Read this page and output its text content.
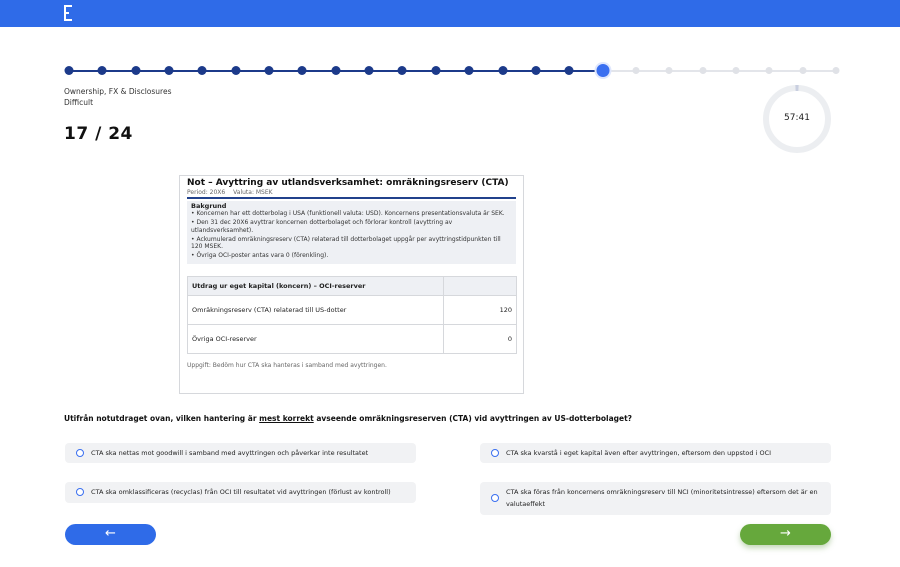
Ownership, FX & Disclosures
Difficult
17 / 24
57:41
Not – Avyttring av utlandsverksamhet: omräkningsreserv (CTA)
Period: 20X6 Valuta: MSEK
Bakgrund
• Koncernen har ett dotterbolag i USA (funktionell valuta: USD). Koncernens presentationsvaluta är SEK.
• Den 31 dec 20X6 avyttrar koncernen dotterbolaget och förlorar kontroll (avyttring av utlandsverksamhet).
• Ackumulerad omräkningsreserv (CTA) relaterad till dotterbolaget uppgår per avyttringstidpunkten till 120 MSEK.
• Övriga OCI-poster antas vara 0 (förenkling).
Utdrag ur eget kapital (koncern) – OCI-reserver	
Omräkningsreserv (CTA) relaterad till US-dotter	120
Övriga OCI-reserver	0
Uppgift: Bedöm hur CTA ska hanteras i samband med avyttringen.
Utifrån notutdraget ovan, vilken hantering är mest korrekt avseende omräkningsreserven (CTA) vid avyttringen av US-dotterbolaget?
CTA ska nettas mot goodwill i samband med avyttringen och påverkar inte resultatet	CTA ska kvarstå i eget kapital även efter avyttringen, eftersom den uppstod i OCI
CTA ska omklassificeras (recyclas) från OCI till resultatet vid avyttringen (förlust av kontroll)	CTA ska föras från koncernens omräkningsreserv till NCI (minoritetsintresse) eftersom det är en valutaeffekt
←	→
